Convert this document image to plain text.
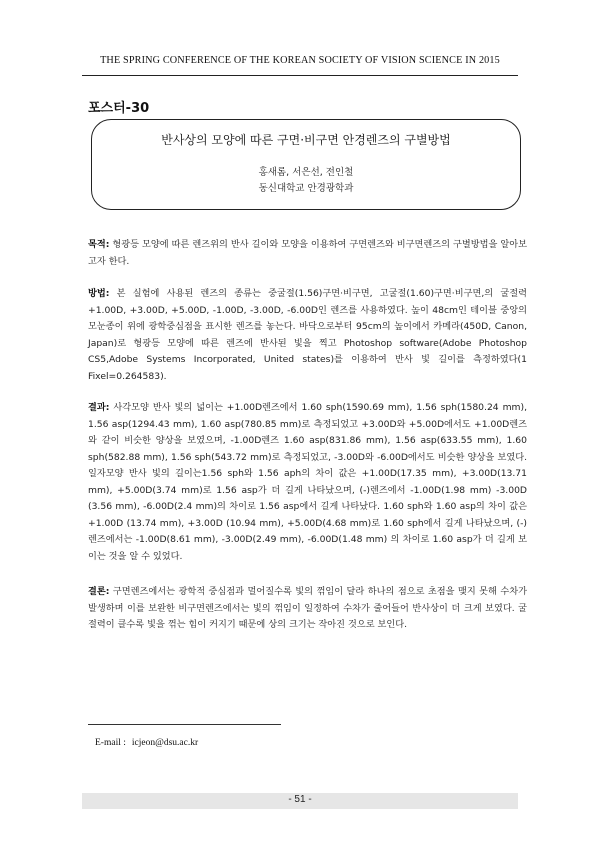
THE SPRING CONFERENCE OF THE KOREAN SOCIETY OF VISION SCIENCE IN 2015
포스터-30
반사상의 모양에 따른 구면·비구면 안경렌즈의 구별방법
홍새롬, 서은선, 전인철
동신대학교 안경광학과

목적: 형광등 모양에 따른 렌즈위의 반사 길이와 모양을 이용하여 구면렌즈와 비구면렌즈의 구별방법을 알아보고자 한다.

방법: 본 실험에 사용된 렌즈의 종류는 중굴절(1.56)구면·비구면, 고굴절(1.60)구면·비구면,의 굴절력 +1.00D, +3.00D, +5.00D, -1.00D, -3.00D, -6.00D인 렌즈를 사용하였다. 높이 48cm인 테이블 중앙의 모눈종이 위에 광학중심점을 표시한 렌즈를 놓는다. 바닥으로부터 95cm의 높이에서 카메라(450D, Canon, Japan)로 형광등 모양에 따른 렌즈에 반사된 빛을 찍고 Photoshop software(Adobe Photoshop CS5,Adobe Systems Incorporated, United states)를 이용하여 반사 빛 길이를 측정하였다(1 Fixel=0.264583).

결과: 사각모양 반사 빛의 넓이는 +1.00D렌즈에서 1.60 sph(1590.69 mm), 1.56 sph(1580.24 mm), 1.56 asp(1294.43 mm), 1.60 asp(780.85 mm)로 측정되었고 +3.00D와 +5.00D에서도 +1.00D렌즈와 같이 비슷한 양상을 보였으며, -1.00D렌즈 1.60 asp(831.86 mm), 1.56 asp(633.55 mm), 1.60 sph(582.88 mm), 1.56 sph(543.72 mm)로 측정되었고, -3.00D와 -6.00D에서도 비슷한 양상을 보였다. 일자모양 반사 빛의 길이는1.56 sph와 1.56 aph의 차이 값은 +1.00D(17.35 mm), +3.00D(13.71 mm), +5.00D(3.74 mm)로 1.56 asp가 더 길게 나타났으며, (-)렌즈에서 -1.00D(1.98 mm) -3.00D (3.56 mm), -6.00D(2.4 mm)의 차이로 1.56 asp에서 길게 나타났다. 1.60 sph와 1.60 asp의 차이 값은 +1.00D (13.74 mm), +3.00D (10.94 mm), +5.00D(4.68 mm)로 1.60 sph에서 길게 나타났으며, (-) 렌즈에서는 -1.00D(8.61 mm), -3.00D(2.49 mm), -6.00D(1.48 mm) 의 차이로 1.60 asp가 더 길게 보이는 것을 알 수 있었다.

결론: 구면렌즈에서는 광학적 중심점과 멀어질수록 빛의 꺾임이 달라 하나의 점으로 초점을 맺지 못해 수차가 발생하며 이를 보완한 비구면렌즈에서는 빛의 꺾임이 일정하여 수차가 줄어들어 반사상이 더 크게 보였다. 굴절력이 클수록 빛을 꺾는 힘이 커지기 때문에 상의 크기는 작아진 것으로 보인다.

E-mail : icjeon@dsu.ac.kr
- 51 -
